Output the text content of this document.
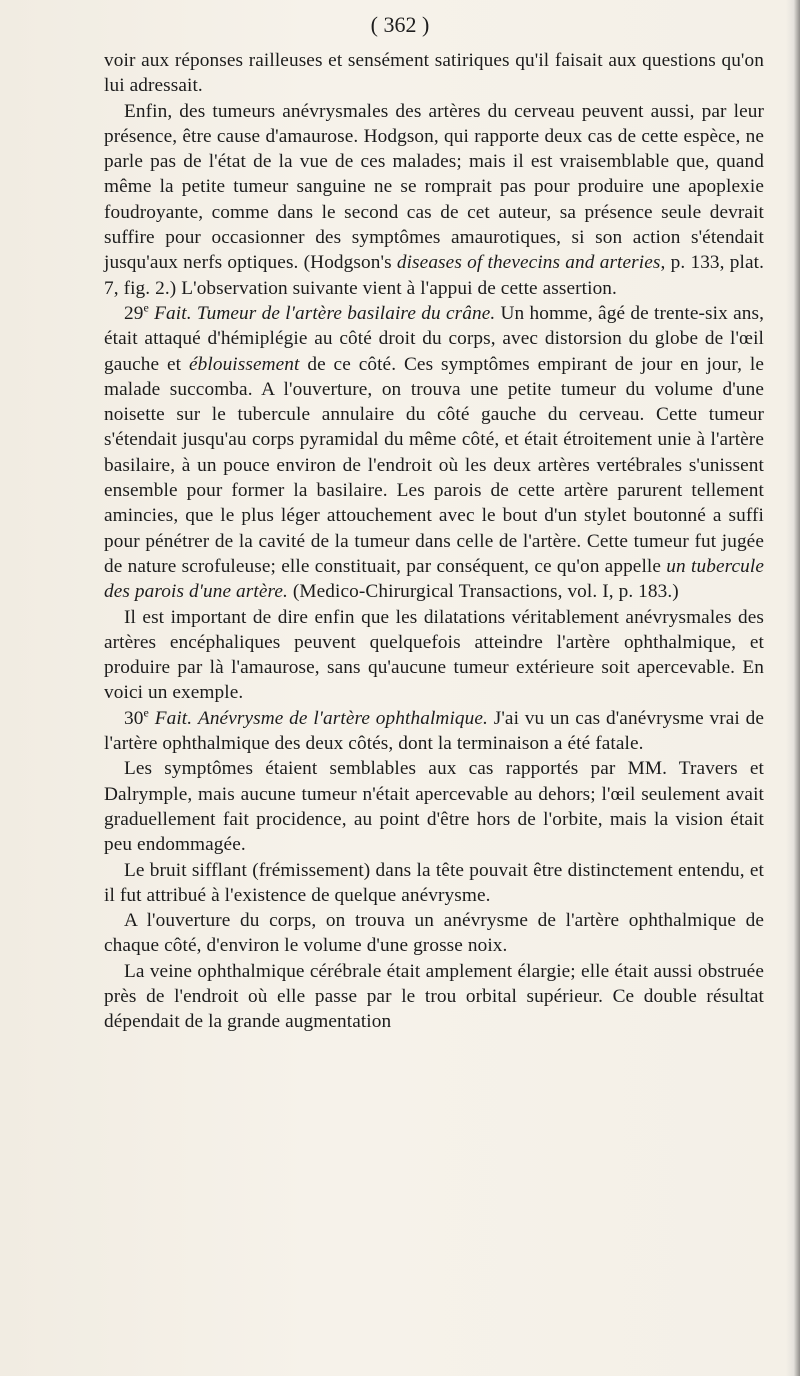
( 362 )

voir aux réponses railleuses et sensément satiriques qu'il faisait aux questions qu'on lui adressait.

Enfin, des tumeurs anévrysmales des artères du cerveau peuvent aussi, par leur présence, être cause d'amaurose. Hodgson, qui rapporte deux cas de cette espèce, ne parle pas de l'état de la vue de ces malades; mais il est vraisemblable que, quand même la petite tumeur sanguine ne se romprait pas pour produire une apoplexie foudroyante, comme dans le second cas de cet auteur, sa présence seule devrait suffire pour occasionner des symptômes amaurotiques, si son action s'étendait jusqu'aux nerfs optiques. (Hodgson's diseases of thevecins and arteries, p. 133, plat. 7, fig. 2.) L'observation suivante vient à l'appui de cette assertion.

29e Fait. Tumeur de l'artère basilaire du crâne. Un homme, âgé de trente-six ans, était attaqué d'hémiplégie au côté droit du corps, avec distorsion du globe de l'œil gauche et éblouissement de ce côté. Ces symptômes empirant de jour en jour, le malade succomba. A l'ouverture, on trouva une petite tumeur du volume d'une noisette sur le tubercule annulaire du côté gauche du cerveau. Cette tumeur s'étendait jusqu'au corps pyramidal du même côté, et était étroitement unie à l'artère basilaire, à un pouce environ de l'endroit où les deux artères vertébrales s'unissent ensemble pour former la basilaire. Les parois de cette artère parurent tellement amincies, que le plus léger attouchement avec le bout d'un stylet boutonné a suffi pour pénétrer de la cavité de la tumeur dans celle de l'artère. Cette tumeur fut jugée de nature scrofuleuse; elle constituait, par conséquent, ce qu'on appelle un tubercule des parois d'une artère. (Medico-Chirurgical Transactions, vol. I, p. 183.)

Il est important de dire enfin que les dilatations véritablement anévrysmales des artères encéphaliques peuvent quelquefois atteindre l'artère ophthalmique, et produire par là l'amaurose, sans qu'aucune tumeur extérieure soit apercevable. En voici un exemple.

30e Fait. Anévrysme de l'artère ophthalmique. J'ai vu un cas d'anévrysme vrai de l'artère ophthalmique des deux côtés, dont la terminaison a été fatale.

Les symptômes étaient semblables aux cas rapportés par MM. Travers et Dalrymple, mais aucune tumeur n'était apercevable au dehors; l'œil seulement avait graduellement fait procidence, au point d'être hors de l'orbite, mais la vision était peu endommagée.

Le bruit sifflant (frémissement) dans la tête pouvait être distinctement entendu, et il fut attribué à l'existence de quelque anévrysme.

A l'ouverture du corps, on trouva un anévrysme de l'artère ophthalmique de chaque côté, d'environ le volume d'une grosse noix.

La veine ophthalmique cérébrale était amplement élargie; elle était aussi obstruée près de l'endroit où elle passe par le trou orbital supérieur. Ce double résultat dépendait de la grande augmentation
